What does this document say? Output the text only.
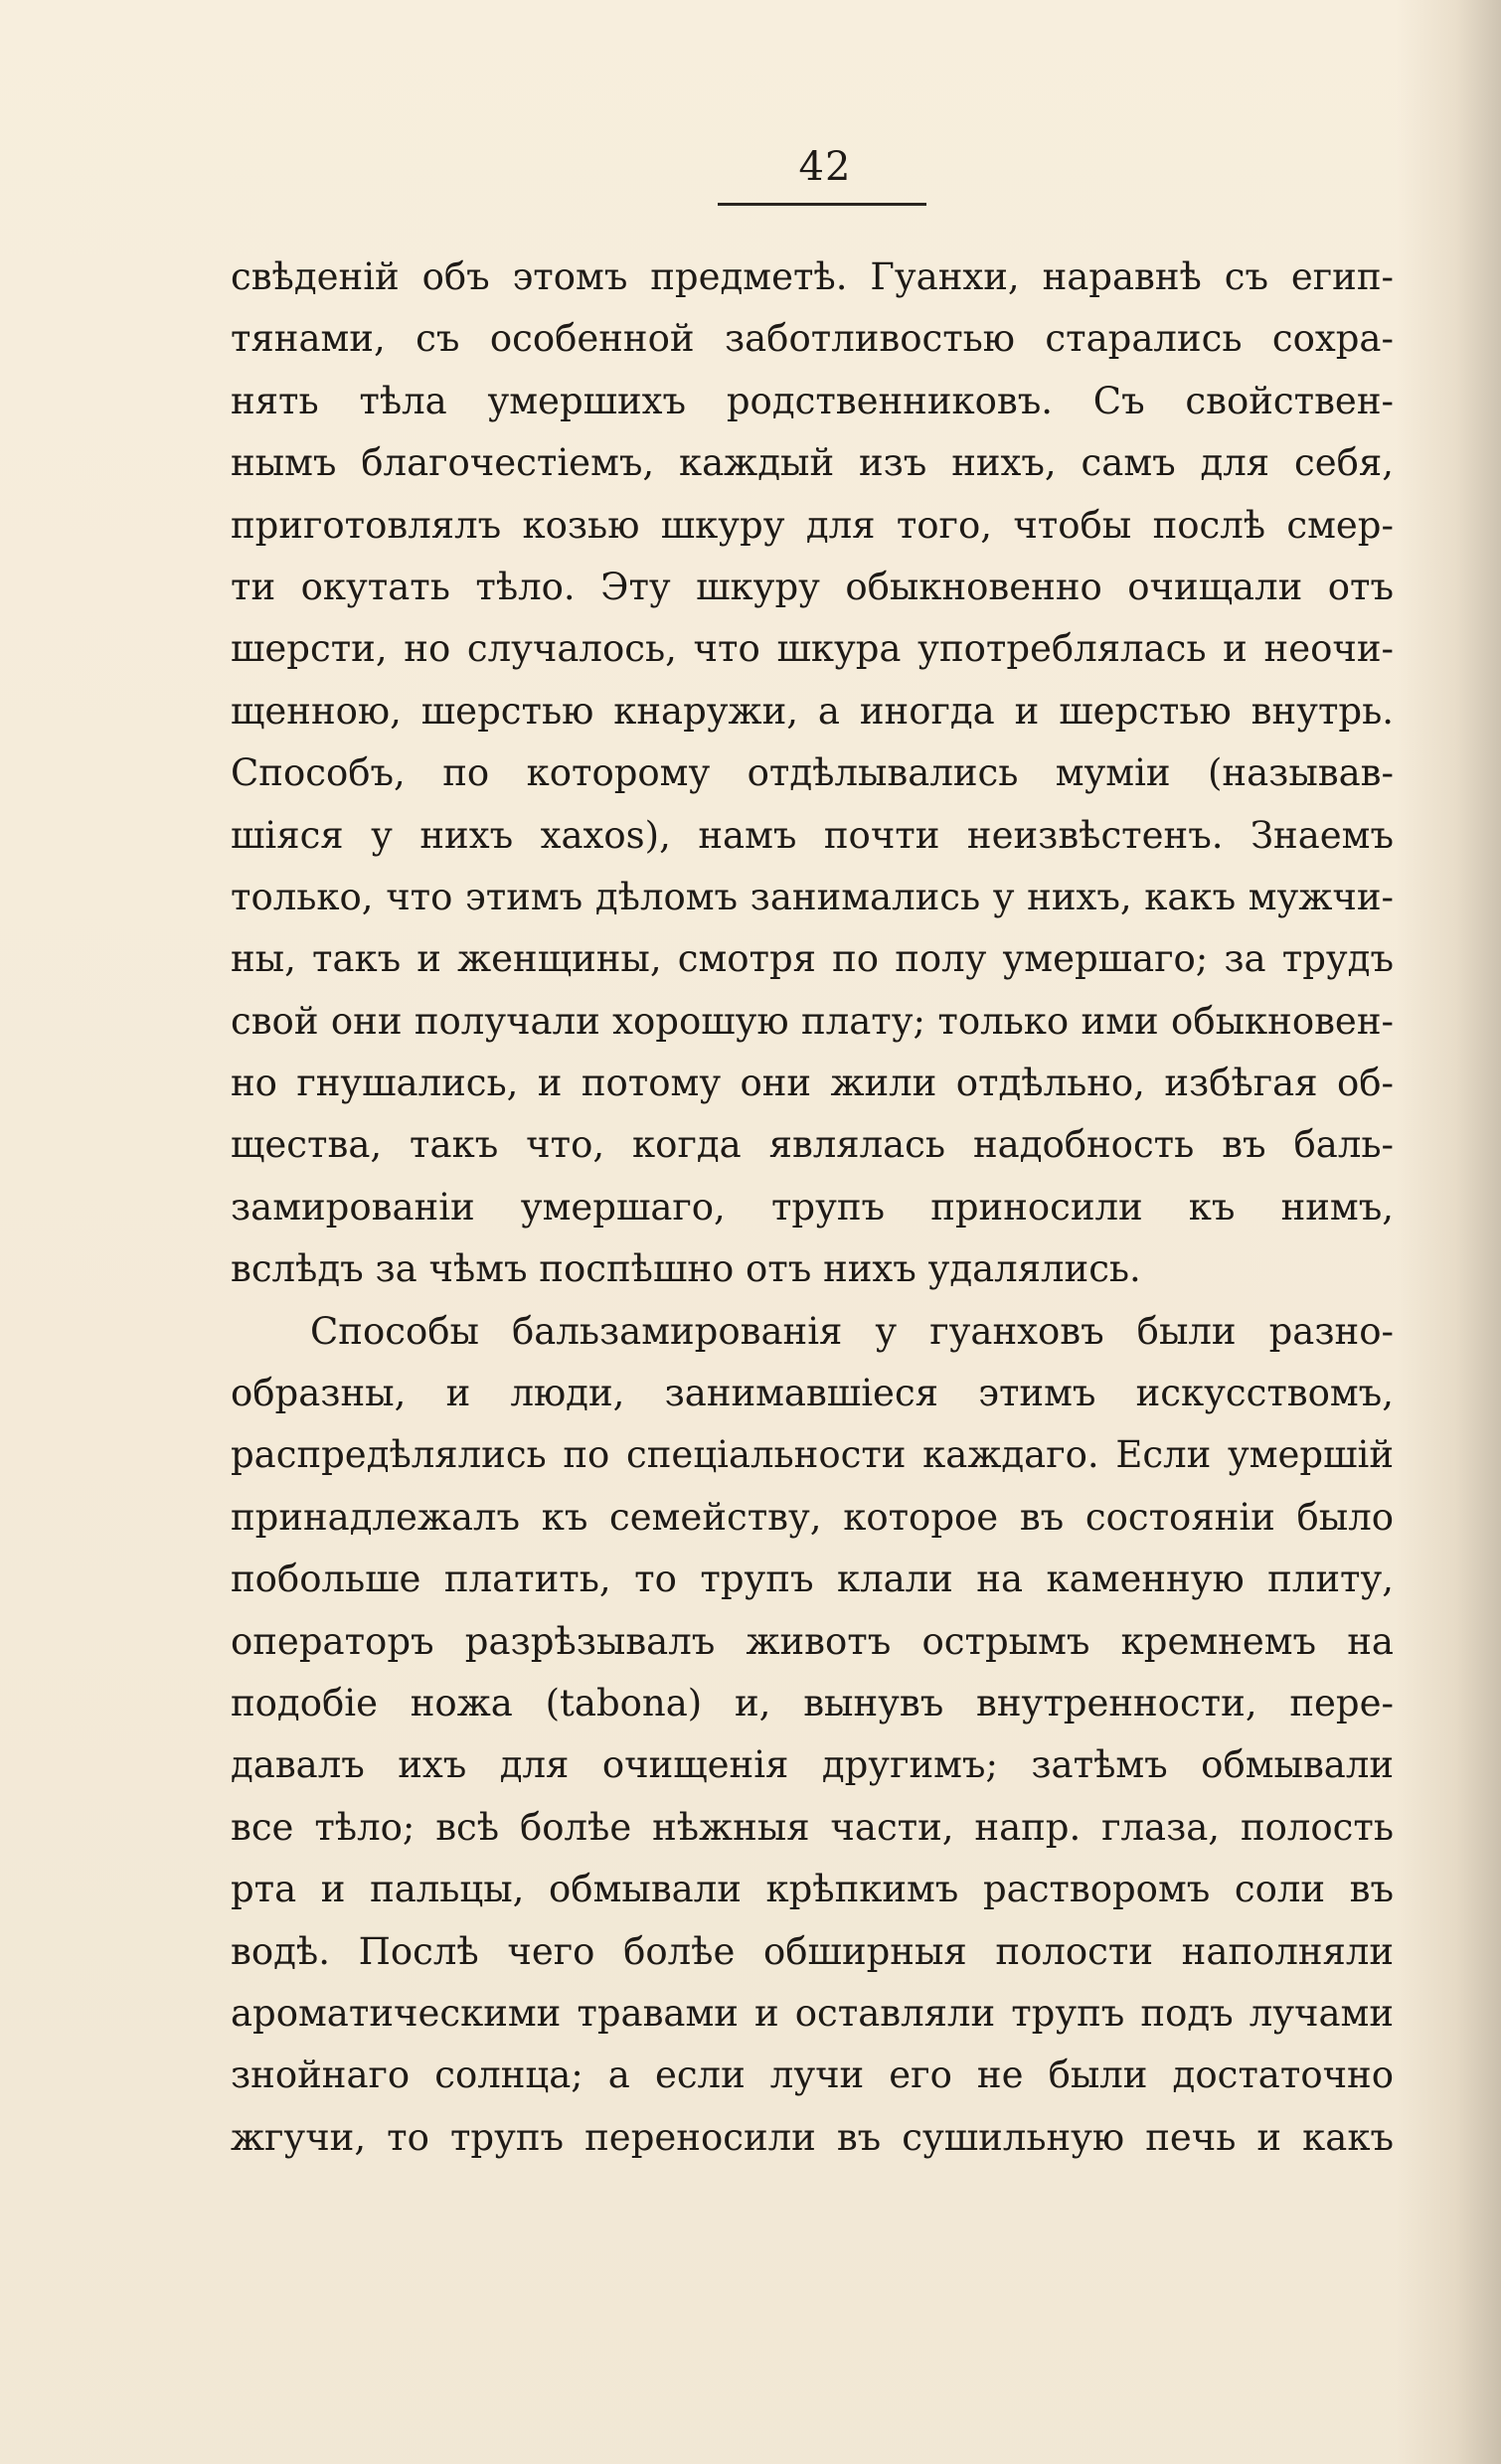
42
свѣденій объ этомъ предметѣ. Гуанхи, наравнѣ съ егип-
тянами, съ особенной заботливостью старались сохра-
нять тѣла умершихъ родственниковъ. Съ свойствен-
нымъ благочестіемъ, каждый изъ нихъ, самъ для себя,
приготовлялъ козью шкуру для того, чтобы послѣ смер-
ти окутать тѣло. Эту шкуру обыкновенно очищали отъ
шерсти, но случалось, что шкура употреблялась и неочи-
щенною, шерстью кнаружи, а иногда и шерстью внутрь.
Способъ, по которому отдѣлывались муміи (называв-
шіяся у нихъ xaxos), намъ почти неизвѣстенъ. Знаемъ
только, что этимъ дѣломъ занимались у нихъ, какъ мужчи-
ны, такъ и женщины, смотря по полу умершаго; за трудъ
свой они получали хорошую плату; только ими обыкновен-
но гнушались, и потому они жили отдѣльно, избѣгая об-
щества, такъ что, когда являлась надобность въ баль-
замированіи умершаго, трупъ приносили къ нимъ,
вслѣдъ за чѣмъ поспѣшно отъ нихъ удалялись.
Способы бальзамированія у гуанховъ были разно-
образны, и люди, занимавшіеся этимъ искусствомъ,
распредѣлялись по спеціальности каждаго. Если умершій
принадлежалъ къ семейству, которое въ состояніи было
побольше платить, то трупъ клали на каменную плиту,
операторъ разрѣзывалъ животъ острымъ кремнемъ на
подобіе ножа (tabona) и, вынувъ внутренности, пере-
давалъ ихъ для очищенія другимъ; затѣмъ обмывали
все тѣло; всѣ болѣе нѣжныя части, напр. глаза, полость
рта и пальцы, обмывали крѣпкимъ растворомъ соли въ
водѣ. Послѣ чего болѣе обширныя полости наполняли
ароматическими травами и оставляли трупъ подъ лучами
знойнаго солнца; а если лучи его не были достаточно
жгучи, то трупъ переносили въ сушильную печь и какъ
